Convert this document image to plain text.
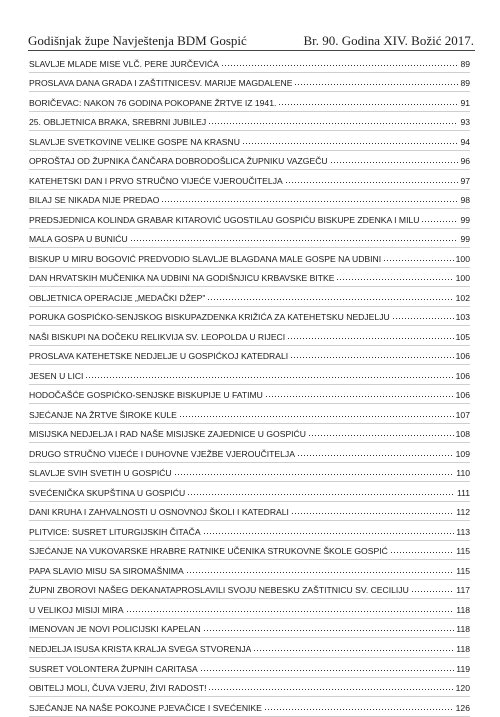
Godišnjak župe Navještenja BDM Gospić	Br. 90. Godina XIV. Božić 2017.
SLAVLJE MLADE MISE VLČ. PERE JURČEVIĆA	89
PROSLAVA DANA GRADA I ZAŠTITNICESV. MARIJE MAGDALENE	89
BORIČEVAC: NAKON 76 GODINA POKOPANE ŽRTVE IZ 1941.	91
25. OBLJETNICA BRAKA, SREBRNI JUBILEJ	93
SLAVLJE SVETKOVINE VELIKE GOSPE NA KRASNU	94
OPROŠTAJ OD ŽUPNIKA ČANČARA DOBRODOŠLICA ŽUPNIKU VAZGEČU	96
KATEHETSKI DAN I PRVO STRUČNO VIJEĆE VJEROUČITELJA	97
BILAJ SE NIKADA NIJE PREDAO	98
PREDSJEDNICA KOLINDA GRABAR KITAROVIĆ UGOSTILAU GOSPIĆU BISKUPE ZDENKA I MILU	99
MALA GOSPA U BUNIĆU	99
BISKUP U MIRU BOGOVIĆ PREDVODIO SLAVLJE BLAGDANA MALE GOSPE NA UDBINI	100
DAN HRVATSKIH MUČENIKA NA UDBINI NA GODIŠNJICU KRBAVSKE BITKE	100
OBLJETNICA OPERACIJE „MEDAČKI DŽEP"	102
PORUKA GOSPIĆKO-SENJSKOG BISKUPAZDENKA KRIŽIĆA ZA KATEHETSKU NEDJELJU	103
NAŠI BISKUPI NA DOČEKU RELIKVIJA SV. LEOPOLDA U RIJECI	105
PROSLAVA KATEHETSKE NEDJELJE U GOSPIĆKOJ KATEDRALI	106
JESEN U LICI	106
HODOČAŠĆE GOSPIĆKO-SENJSKE BISKUPIJE U FATIMU	106
SJEĆANJE NA ŽRTVE ŠIROKE KULE	107
MISIJSKA NEDJELJA I RAD NAŠE MISIJSKE ZAJEDNICE U GOSPIĆU	108
DRUGO STRUČNO VIJEĆE I DUHOVNE VJEŽBE VJEROUČITELJA	109
SLAVLJE SVIH SVETIH U GOSPIĆU	110
SVEĆENIČKA SKUPŠTINA U GOSPIĆU	111
DANI KRUHA I ZAHVALNOSTI U OSNOVNOJ ŠKOLI I KATEDRALI	112
PLITVICE: SUSRET LITURGIJSKIH ČITAČA	113
SJEĆANJE NA VUKOVARSKE HRABRE RATNIKE UČENIKA STRUKOVNE ŠKOLE GOSPIĆ	115
PAPA SLAVIO MISU SA SIROMAŠNIMA	115
ŽUPNI ZBOROVI NAŠEG DEKANATAPROSLAVILI SVOJU NEBESKU ZAŠTITNICU SV. CECILIJU	117
U VELIKOJ MISIJI MIRA	118
IMENOVAN JE NOVI POLICIJSKI KAPELAN	118
NEDJELJA ISUSA KRISTA KRALJA SVEGA STVORENJA	118
SUSRET VOLONTERA ŽUPNIH CARITASA	119
OBITELJ MOLI, ČUVA VJERU, ŽIVI RADOST!	120
SJEĆANJE NA NAŠE POKOJNE PJEVAČICE I SVEĆENIKE	126
